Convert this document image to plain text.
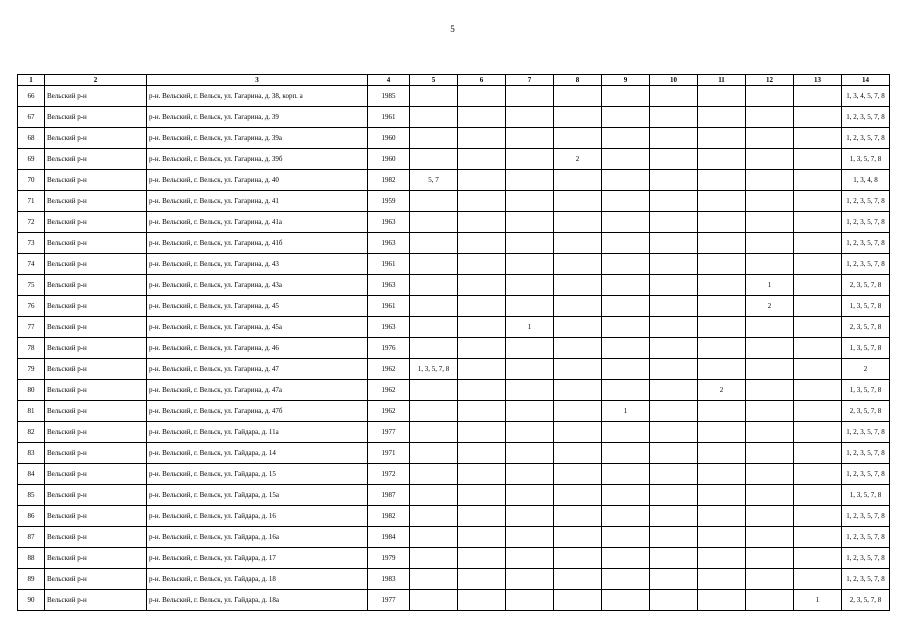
5
1	2	3	4	5	6	7	8	9	10	11	12	13	14
66	Вельский р-н	р-н. Вельский, г. Вельск, ул. Гагарина, д. 38, корп. а	1985										1, 3, 4, 5, 7, 8
67	Вельский р-н	р-н. Вельский, г. Вельск, ул. Гагарина, д. 39	1961										1, 2, 3, 5, 7, 8
68	Вельский р-н	р-н. Вельский, г. Вельск, ул. Гагарина, д. 39а	1960										1, 2, 3, 5, 7, 8
69	Вельский р-н	р-н. Вельский, г. Вельск, ул. Гагарина, д. 39б	1960				2						1, 3, 5, 7, 8
70	Вельский р-н	р-н. Вельский, г. Вельск, ул. Гагарина, д. 40	1982	5, 7									1, 3, 4, 8
71	Вельский р-н	р-н. Вельский, г. Вельск, ул. Гагарина, д. 41	1959										1, 2, 3, 5, 7, 8
72	Вельский р-н	р-н. Вельский, г. Вельск, ул. Гагарина, д. 41а	1963										1, 2, 3, 5, 7, 8
73	Вельский р-н	р-н. Вельский, г. Вельск, ул. Гагарина, д. 41б	1963										1, 2, 3, 5, 7, 8
74	Вельский р-н	р-н. Вельский, г. Вельск, ул. Гагарина, д. 43	1961										1, 2, 3, 5, 7, 8
75	Вельский р-н	р-н. Вельский, г. Вельск, ул. Гагарина, д. 43а	1963								1		2, 3, 5, 7, 8
76	Вельский р-н	р-н. Вельский, г. Вельск, ул. Гагарина, д. 45	1961								2		1, 3, 5, 7, 8
77	Вельский р-н	р-н. Вельский, г. Вельск, ул. Гагарина, д. 45а	1963			1							2, 3, 5, 7, 8
78	Вельский р-н	р-н. Вельский, г. Вельск, ул. Гагарина, д. 46	1976										1, 3, 5, 7, 8
79	Вельский р-н	р-н. Вельский, г. Вельск, ул. Гагарина, д. 47	1962	1, 3, 5, 7, 8									2
80	Вельский р-н	р-н. Вельский, г. Вельск, ул. Гагарина, д. 47а	1962							2			1, 3, 5, 7, 8
81	Вельский р-н	р-н. Вельский, г. Вельск, ул. Гагарина, д. 47б	1962					1					2, 3, 5, 7, 8
82	Вельский р-н	р-н. Вельский, г. Вельск, ул. Гайдара, д. 11а	1977										1, 2, 3, 5, 7, 8
83	Вельский р-н	р-н. Вельский, г. Вельск, ул. Гайдара, д. 14	1971										1, 2, 3, 5, 7, 8
84	Вельский р-н	р-н. Вельский, г. Вельск, ул. Гайдара, д. 15	1972										1, 2, 3, 5, 7, 8
85	Вельский р-н	р-н. Вельский, г. Вельск, ул. Гайдара, д. 15а	1987										1, 3, 5, 7, 8
86	Вельский р-н	р-н. Вельский, г. Вельск, ул. Гайдара, д. 16	1982										1, 2, 3, 5, 7, 8
87	Вельский р-н	р-н. Вельский, г. Вельск, ул. Гайдара, д. 16а	1984										1, 2, 3, 5, 7, 8
88	Вельский р-н	р-н. Вельский, г. Вельск, ул. Гайдара, д. 17	1979										1, 2, 3, 5, 7, 8
89	Вельский р-н	р-н. Вельский, г. Вельск, ул. Гайдара, д. 18	1983										1, 2, 3, 5, 7, 8
90	Вельский р-н	р-н. Вельский, г. Вельск, ул. Гайдара, д. 18а	1977									1	2, 3, 5, 7, 8
